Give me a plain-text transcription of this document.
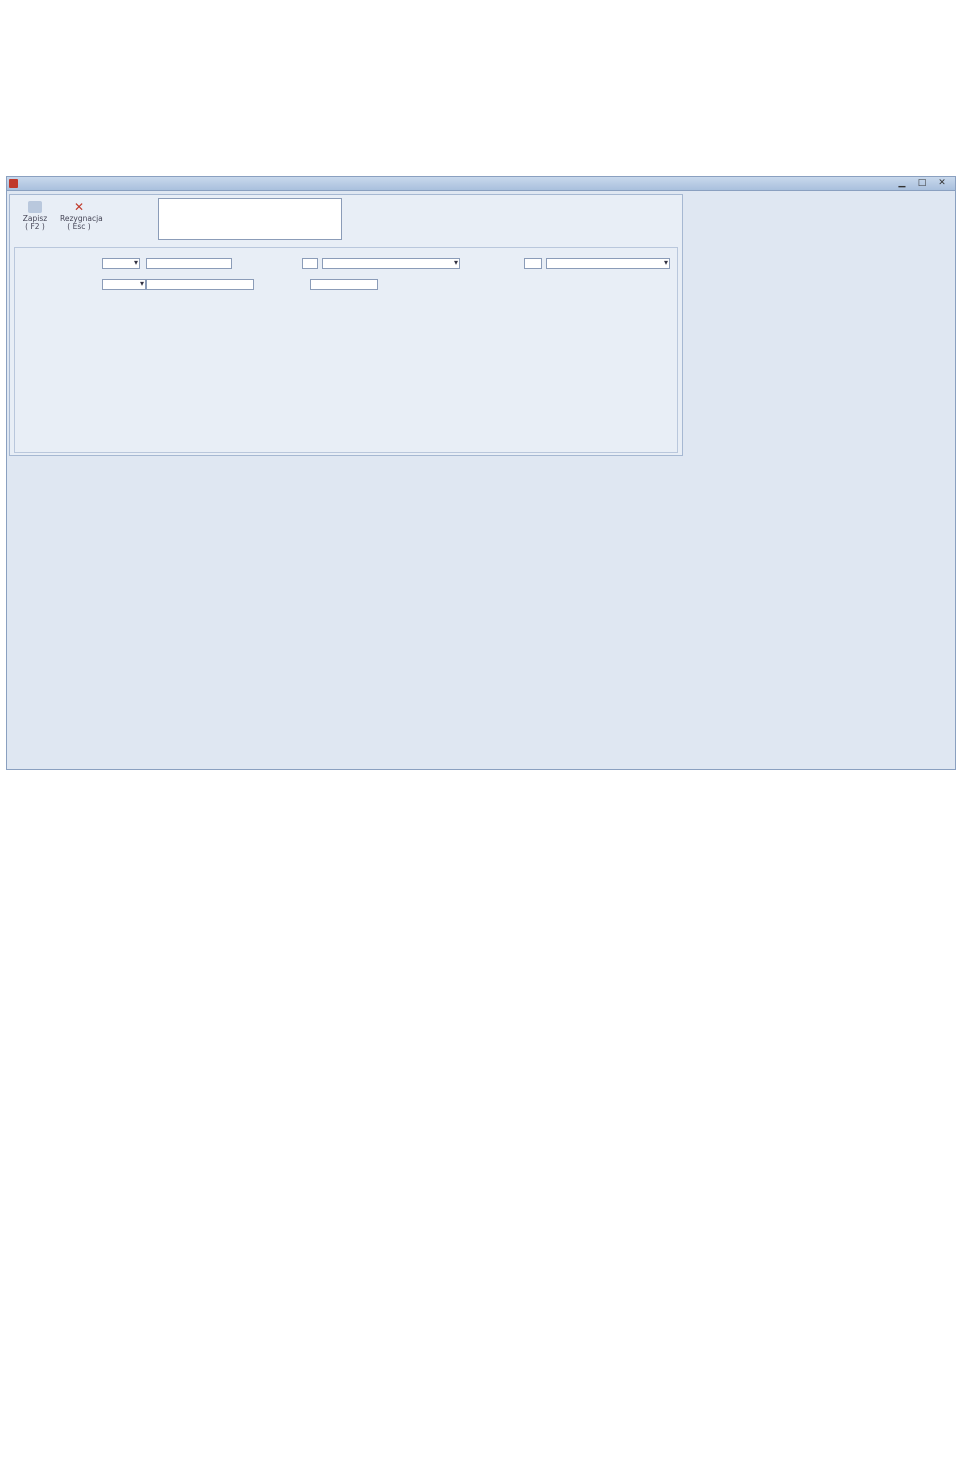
▁	□	✕
Zapisz
( F2 )
✕
Rezygnacja
( Esc )
▾
▾
▾
▾
